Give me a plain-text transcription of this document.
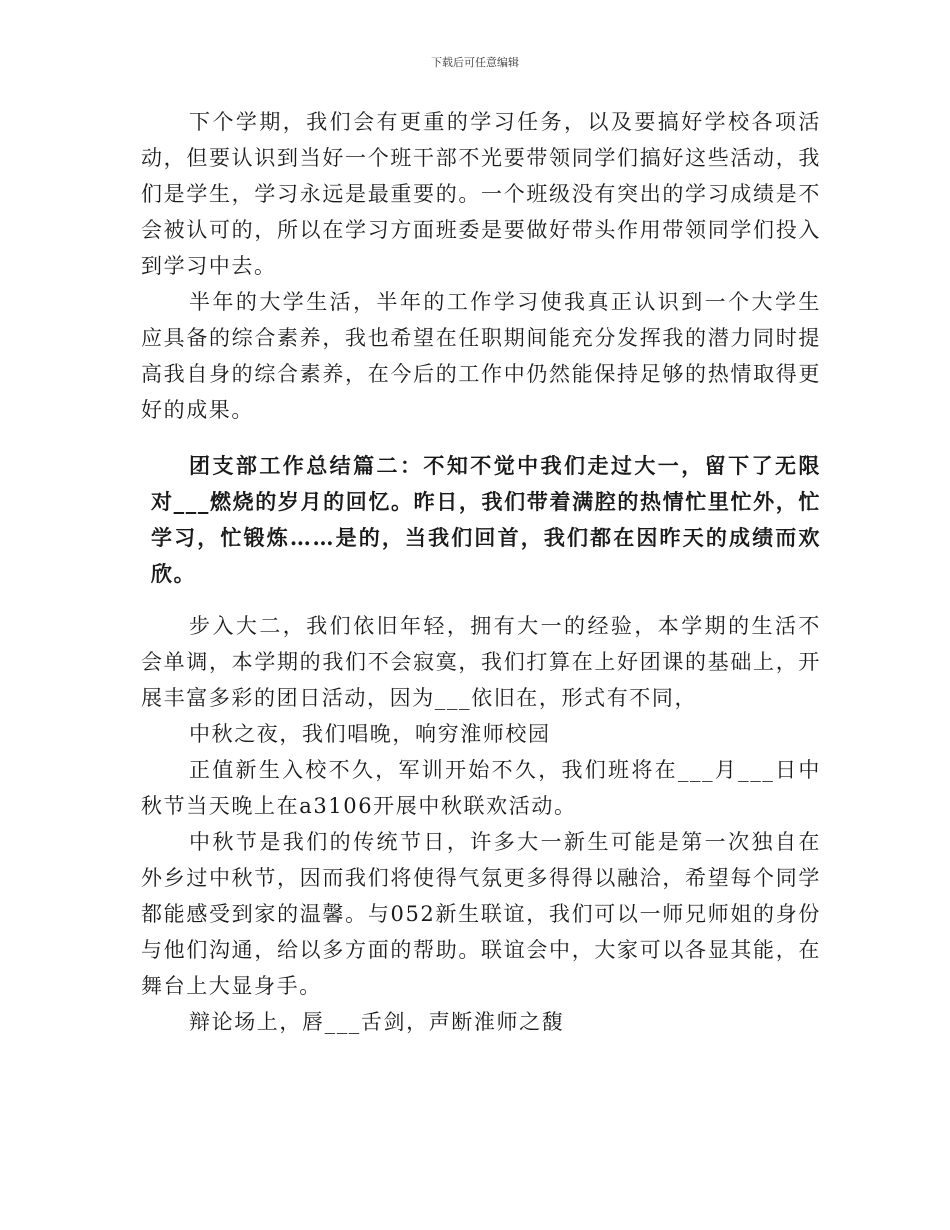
下载后可任意编辑

下个学期，我们会有更重的学习任务，以及要搞好学校各项活动，但要认识到当好一个班干部不光要带领同学们搞好这些活动，我们是学生，学习永远是最重要的。一个班级没有突出的学习成绩是不会被认可的，所以在学习方面班委是要做好带头作用带领同学们投入到学习中去。

半年的大学生活，半年的工作学习使我真正认识到一个大学生应具备的综合素养，我也希望在任职期间能充分发挥我的潜力同时提高我自身的综合素养，在今后的工作中仍然能保持足够的热情取得更好的成果。

团支部工作总结篇二：不知不觉中我们走过大一，留下了无限对___燃烧的岁月的回忆。昨日，我们带着满腔的热情忙里忙外，忙学习，忙锻炼……是的，当我们回首，我们都在因昨天的成绩而欢欣。

步入大二，我们依旧年轻，拥有大一的经验，本学期的生活不会单调，本学期的我们不会寂寞，我们打算在上好团课的基础上，开展丰富多彩的团日活动，因为___依旧在，形式有不同，

中秋之夜，我们唱晚，响穷淮师校园

正值新生入校不久，军训开始不久，我们班将在___月___日中秋节当天晚上在a3106开展中秋联欢活动。

中秋节是我们的传统节日，许多大一新生可能是第一次独自在外乡过中秋节，因而我们将使得气氛更多得得以融洽，希望每个同学都能感受到家的温馨。与052新生联谊，我们可以一师兄师姐的身份与他们沟通，给以多方面的帮助。联谊会中，大家可以各显其能，在舞台上大显身手。

辩论场上，唇___舌剑，声断淮师之馥
